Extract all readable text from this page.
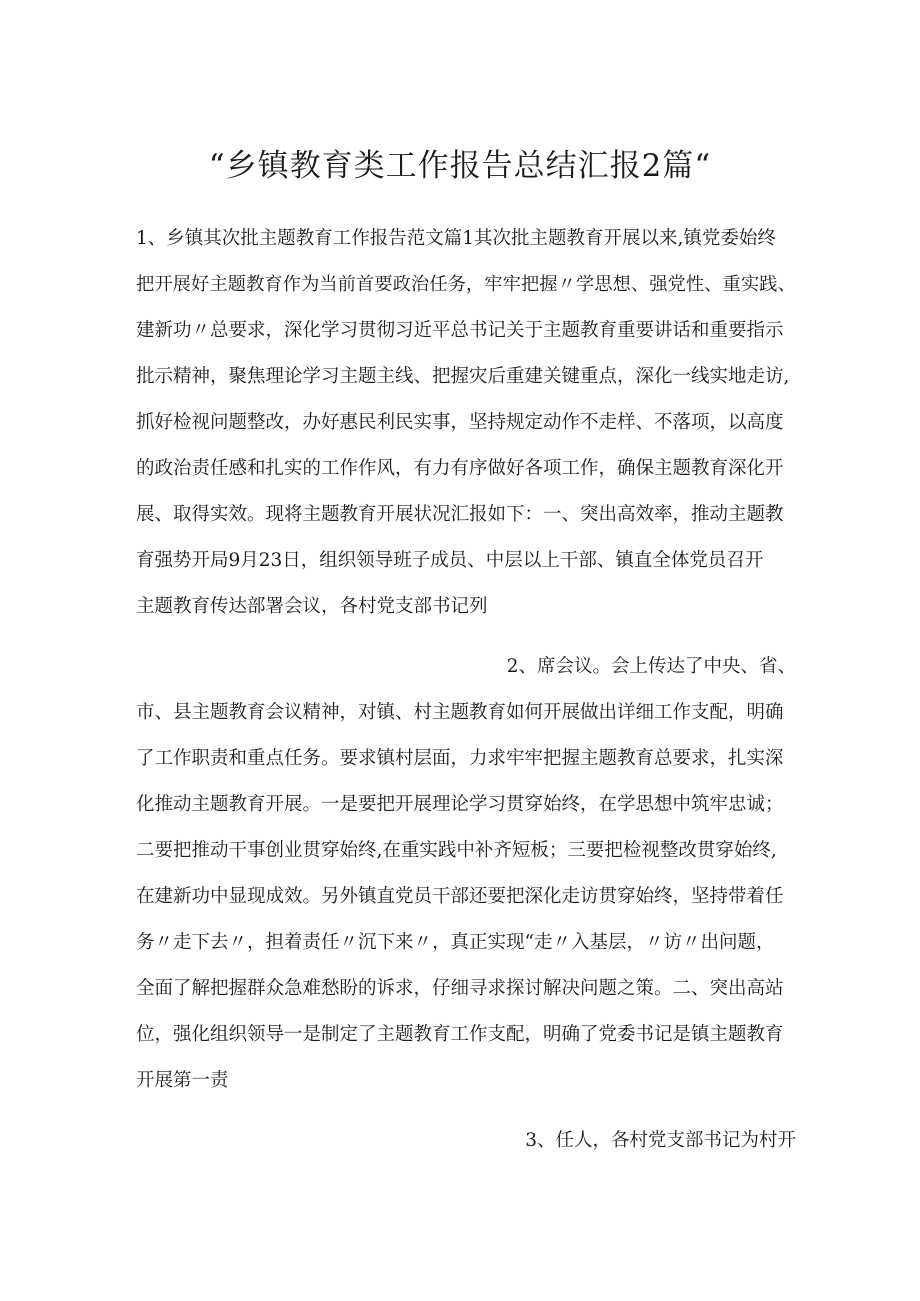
“乡镇教育类工作报告总结汇报2篇“
1、乡镇其次批主题教育工作报告范文篇1其次批主题教育开展以来,镇党委始终
把开展好主题教育作为当前首要政治任务，牢牢把握〃学思想、强党性、重实践、
建新功〃总要求，深化学习贯彻习近平总书记关于主题教育重要讲话和重要指示
批示精神，聚焦理论学习主题主线、把握灾后重建关键重点，深化一线实地走访,
抓好检视问题整改，办好惠民利民实事，坚持规定动作不走样、不落项，以高度
的政治责任感和扎实的工作作风，有力有序做好各项工作，确保主题教育深化开
展、取得实效。现将主题教育开展状况汇报如下：一、突出高效率，推动主题教
育强势开局9月23日，组织领导班子成员、中层以上干部、镇直全体党员召开
主题教育传达部署会议，各村党支部书记列
2、席会议。会上传达了中央、省、
市、县主题教育会议精神，对镇、村主题教育如何开展做出详细工作支配，明确
了工作职责和重点任务。要求镇村层面，力求牢牢把握主题教育总要求，扎实深
化推动主题教育开展。一是要把开展理论学习贯穿始终，在学思想中筑牢忠诚；
二要把推动干事创业贯穿始终,在重实践中补齐短板；三要把检视整改贯穿始终,
在建新功中显现成效。另外镇直党员干部还要把深化走访贯穿始终，坚持带着任
务〃走下去〃，担着责任〃沉下来〃，真正实现“走〃入基层，〃访〃出问题，
全面了解把握群众急难愁盼的诉求，仔细寻求探讨解决问题之策。二、突出高站
位，强化组织领导一是制定了主题教育工作支配，明确了党委书记是镇主题教育
开展第一责
3、任人，各村党支部书记为村开
